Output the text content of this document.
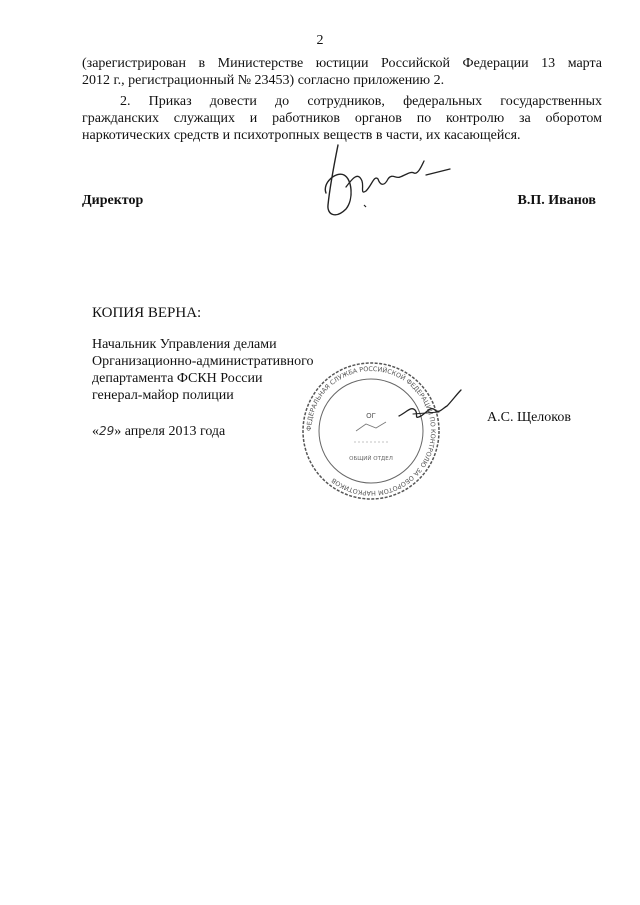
2
(зарегистрирован в Министерстве юстиции Российской Федерации 13 марта
2012 г., регистрационный № 23453) согласно приложению 2.
2. Приказ довести до сотрудников, федеральных государственных
гражданских служащих и работников органов по контролю за оборотом
наркотических средств и психотропных веществ в части, их касающейся.
Директор	В.П. Иванов
КОПИЯ ВЕРНА:
Начальник Управления делами
Организационно-административного
департамента ФСКН России
генерал-майор полиции
«29» апреля 2013 года	ФЕДЕРАЛЬНАЯ СЛУЖБА РОССИЙСКОЙ ФЕДЕРАЦИИ ПО КОНТРОЛЮ ЗА ОБОРОТОМ НАРКОТИКОВ
ОГ
ОБЩИЙ ОТДЕЛ
А.С. Щелоков
